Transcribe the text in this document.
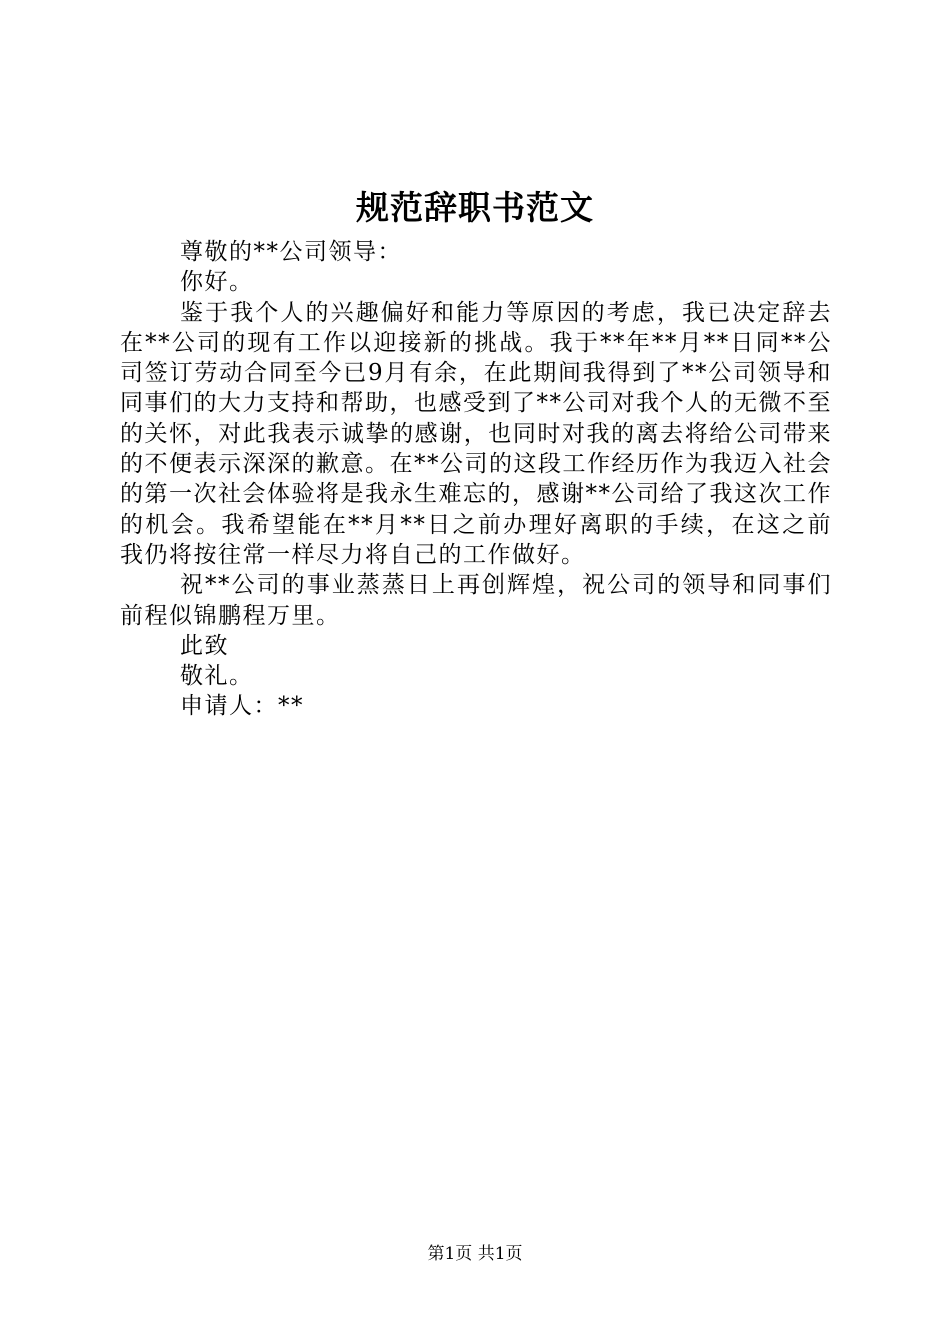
规范辞职书范文

尊敬的**公司领导：

你好。

鉴于我个人的兴趣偏好和能力等原因的考虑，我已决定辞去在**公司的现有工作以迎接新的挑战。我于**年**月**日同**公司签订劳动合同至今已9月有余，在此期间我得到了**公司领导和同事们的大力支持和帮助，也感受到了**公司对我个人的无微不至的关怀，对此我表示诚挚的感谢，也同时对我的离去将给公司带来的不便表示深深的歉意。在**公司的这段工作经历作为我迈入社会的第一次社会体验将是我永生难忘的，感谢**公司给了我这次工作的机会。我希望能在**月**日之前办理好离职的手续，在这之前我仍将按往常一样尽力将自己的工作做好。

祝**公司的事业蒸蒸日上再创辉煌，祝公司的领导和同事们前程似锦鹏程万里。

此致

敬礼。

申请人：**

第1页 共1页
